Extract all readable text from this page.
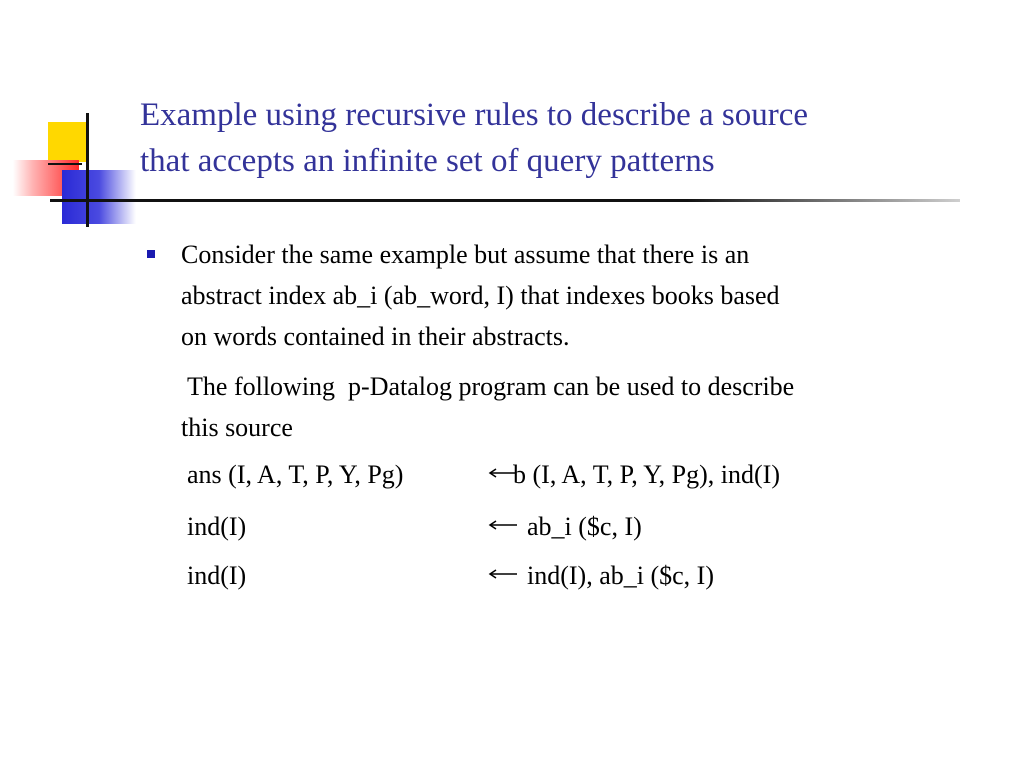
Example using recursive rules to describe a source
that accepts an infinite set of query patterns
Consider the same example but assume that there is an
abstract index ab_i (ab_word, I) that indexes books based
on words contained in their abstracts.
The following  p-Datalog program can be used to describe
this source
ans (I, A, T, P, Y, Pg)	b (I, A, T, P, Y, Pg), ind(I)
ind(I)	ab_i ($c, I)
ind(I)	ind(I), ab_i ($c, I)
